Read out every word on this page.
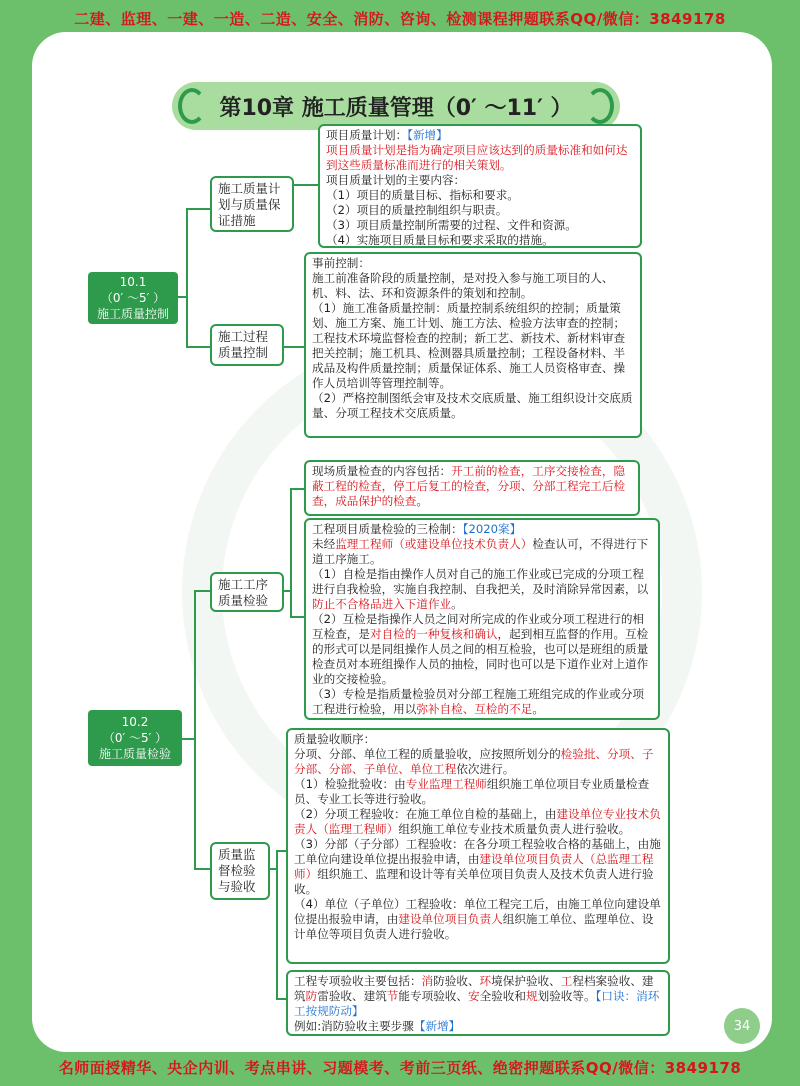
二建、监理、一建、一造、二造、安全、消防、咨询、检测课程押题联系QQ/微信：3849178
第10章 施工质量管理（0′ ～11′ ）
10.1
（0′ ～5′ ）
施工质量控制
10.2
（0′ ～5′ ）
施工质量检验
施工质量计划与质量保证措施
施工过程质量控制
施工工序质量检验
质量监督检验与验收

项目质量计划：【新增】

项目质量计划是指为确定项目应该达到的质量标准和如何达到这些质量标准而进行的相关策划。

项目质量计划的主要内容：

（1）项目的质量目标、指标和要求。

（2）项目的质量控制组织与职责。

（3）项目质量控制所需要的过程、文件和资源。

（4）实施项目质量目标和要求采取的措施。

事前控制：

施工前准备阶段的质量控制，是对投入参与施工项目的人、机、料、法、环和资源条件的策划和控制。

（1）施工准备质量控制：质量控制系统组织的控制；质量策划、施工方案、施工计划、施工方法、检验方法审查的控制；工程技术环境监督检查的控制；新工艺、新技术、新材料审查把关控制；施工机具、检测器具质量控制；工程设备材料、半成品及构件质量控制；质量保证体系、施工人员资格审查、操作人员培训等管理控制等。

（2）严格控制图纸会审及技术交底质量、施工组织设计交底质量、分项工程技术交底质量。

现场质量检查的内容包括：开工前的检查，工序交接检查，隐蔽工程的检查，停工后复工的检查，分项、分部工程完工后检查，成品保护的检查。

工程项目质量检验的三检制：【2020案】

未经监理工程师（或建设单位技术负责人）检查认可，不得进行下道工序施工。

（1）自检是指由操作人员对自己的施工作业或已完成的分项工程进行自我检验，实施自我控制、自我把关，及时消除异常因素，以防止不合格品进入下道作业。

（2）互检是指操作人员之间对所完成的作业或分项工程进行的相互检查，是对自检的一种复核和确认，起到相互监督的作用。互检的形式可以是同组操作人员之间的相互检验，也可以是班组的质量检查员对本班组操作人员的抽检，同时也可以是下道作业对上道作业的交接检验。

（3）专检是指质量检验员对分部工程施工班组完成的作业或分项工程进行检验，用以弥补自检、互检的不足。

质量验收顺序：

分项、分部、单位工程的质量验收，应按照所划分的检验批、分项、子分部、分部、子单位、单位工程依次进行。

（1）检验批验收：由专业监理工程师组织施工单位项目专业质量检查员、专业工长等进行验收。

（2）分项工程验收：在施工单位自检的基础上，由建设单位专业技术负责人（监理工程师）组织施工单位专业技术质量负责人进行验收。

（3）分部（子分部）工程验收：在各分项工程验收合格的基础上，由施工单位向建设单位提出报验申请，由建设单位项目负责人（总监理工程师）组织施工、监理和设计等有关单位项目负责人及技术负责人进行验收。

（4）单位（子单位）工程验收：单位工程完工后，由施工单位向建设单位提出报验申请，由建设单位项目负责人组织施工单位、监理单位、设计单位等项目负责人进行验收。

工程专项验收主要包括：消防验收、环境保护验收、工程档案验收、建筑防雷验收、建筑节能专项验收、安全验收和规划验收等。【口诀：消环工按规防动】

例如:消防验收主要步骤【新增】	34
名师面授精华、央企内训、考点串讲、习题模考、考前三页纸、绝密押题联系QQ/微信：3849178
